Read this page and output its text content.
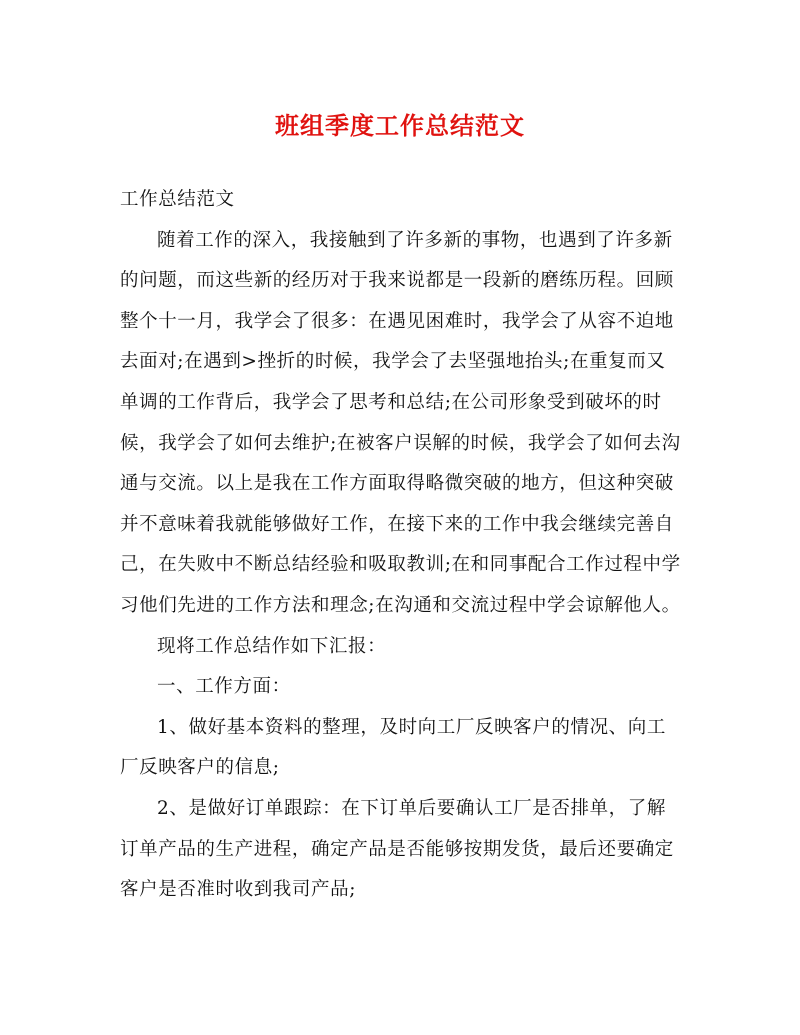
班组季度工作总结范文

工作总结范文

随着工作的深入，我接触到了许多新的事物，也遇到了许多新的问题，而这些新的经历对于我来说都是一段新的磨练历程。回顾整个十一月，我学会了很多：在遇见困难时，我学会了从容不迫地去面对;在遇到>挫折的时候，我学会了去坚强地抬头;在重复而又单调的工作背后，我学会了思考和总结;在公司形象受到破坏的时候，我学会了如何去维护;在被客户误解的时候，我学会了如何去沟通与交流。以上是我在工作方面取得略微突破的地方，但这种突破并不意味着我就能够做好工作，在接下来的工作中我会继续完善自己，在失败中不断总结经验和吸取教训;在和同事配合工作过程中学习他们先进的工作方法和理念;在沟通和交流过程中学会谅解他人。

现将工作总结作如下汇报：

一、工作方面：

1、做好基本资料的整理，及时向工厂反映客户的情况、向工厂反映客户的信息;

2、是做好订单跟踪：在下订单后要确认工厂是否排单，了解订单产品的生产进程，确定产品是否能够按期发货，最后还要确定客户是否准时收到我司产品;
